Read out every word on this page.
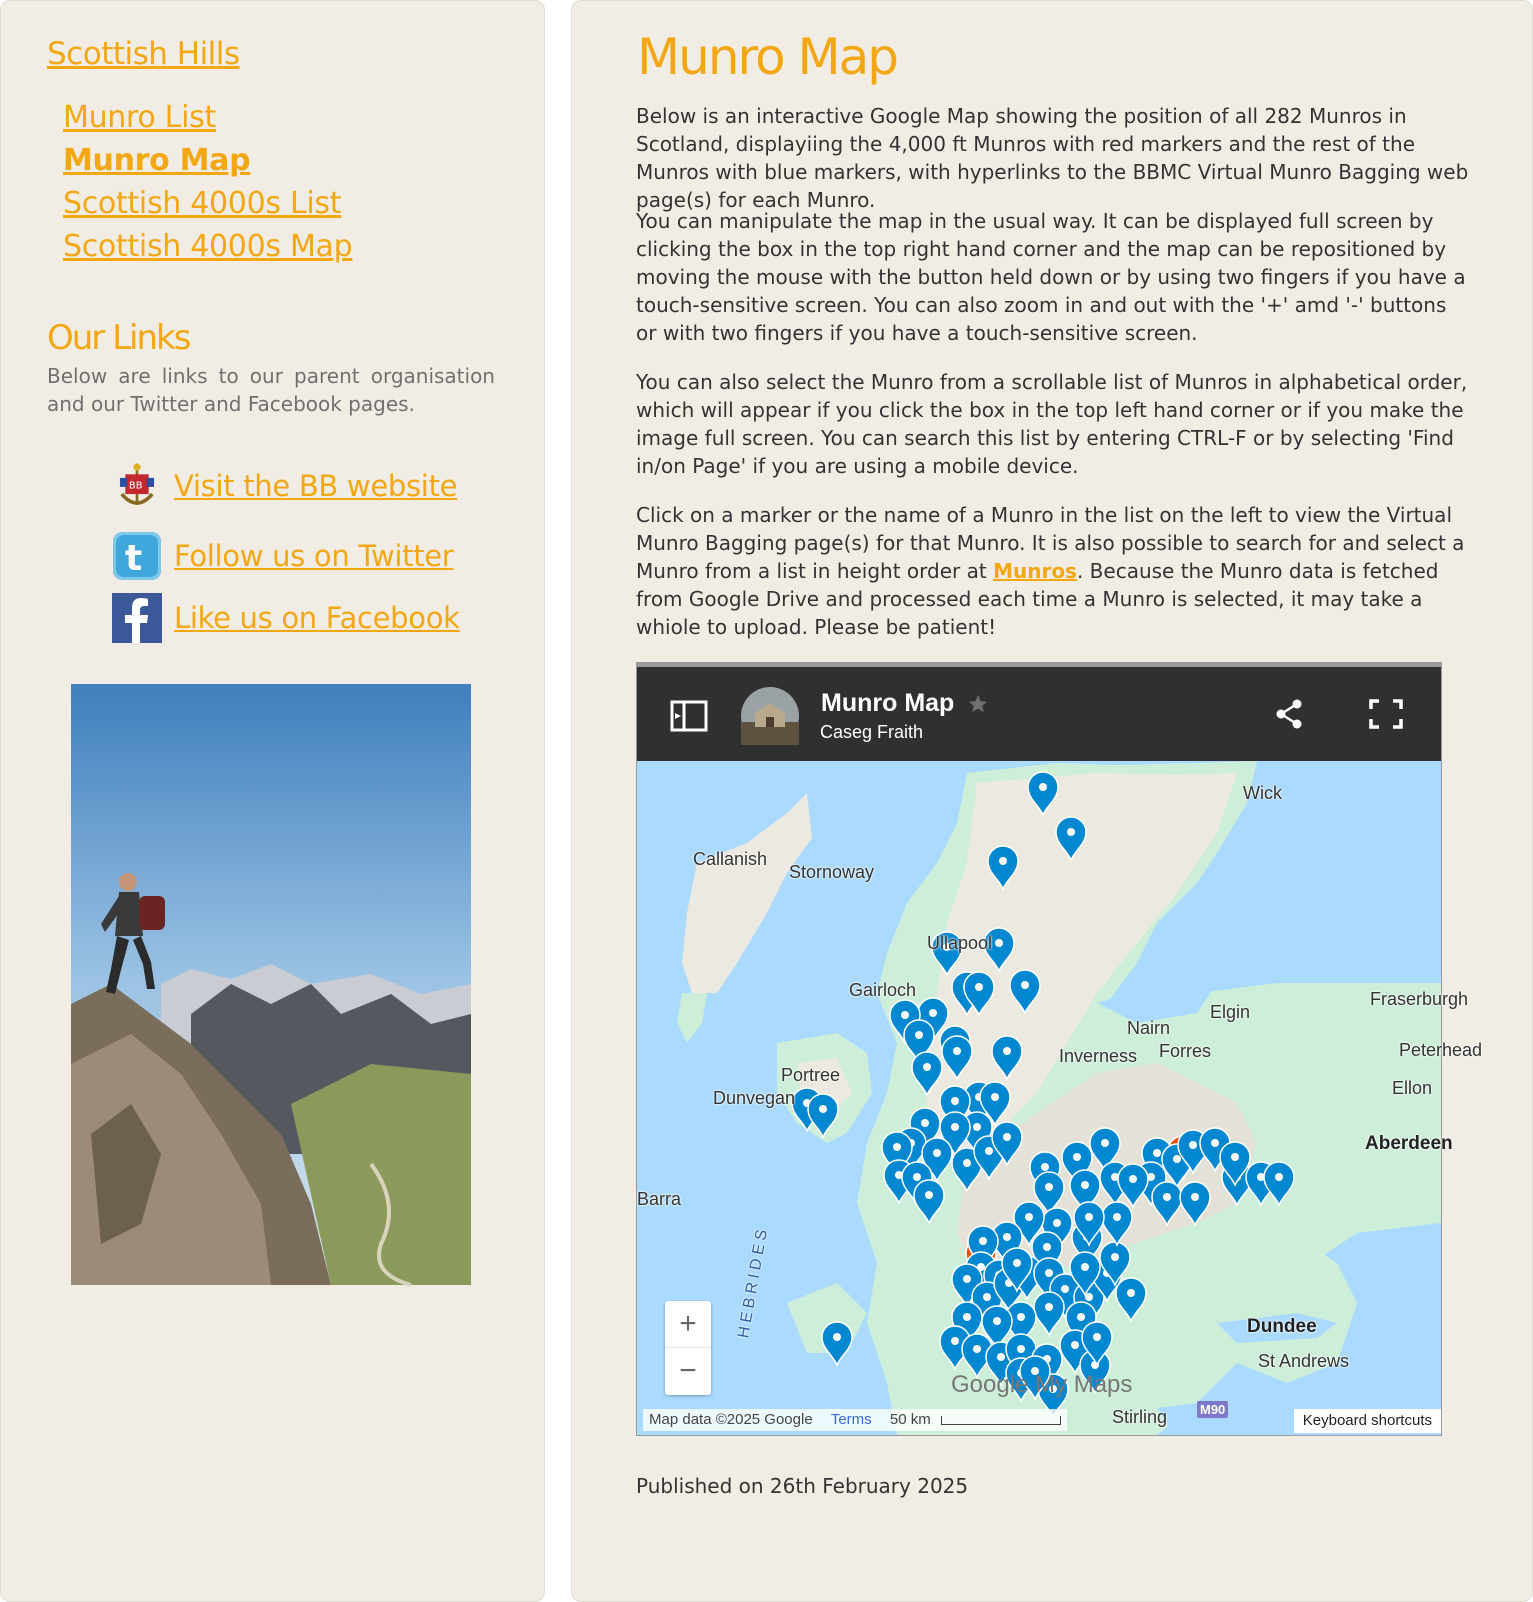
Scottish Hills
Munro List
Munro Map
Scottish 4000s List
Scottish 4000s Map
Our Links
Below are links to our parent organisation and our Twitter and Facebook pages.
BB Visit the BB website
t Follow us on Twitter
Like us on Facebook
Munro Map
Below is an interactive Google Map showing the position of all 282 Munros in Scotland, displayiing the 4,000 ft Munros with red markers and the rest of the Munros with blue markers, with hyperlinks to the BBMC Virtual Munro Bagging web page(s) for each Munro.
You can manipulate the map in the usual way. It can be displayed full screen by clicking the box in the top right hand corner and the map can be repositioned by moving the mouse with the button held down or by using two fingers if you have a touch-sensitive screen. You can also zoom in and out with the '+' amd '-' buttons or with two fingers if you have a touch-sensitive screen.
You can also select the Munro from a scrollable list of Munros in alphabetical order, which will appear if you click the box in the top left hand corner or if you make the image full screen. You can search this list by entering CTRL-F or by selecting 'Find in/on Page' if you are using a mobile device.
Click on a marker or the name of a Munro in the list on the left to view the Virtual Munro Bagging page(s) for that Munro. It is also possible to search for and select a Munro from a list in height order at Munros. Because the Munro data is fetched from Google Drive and processed each time a Munro is selected, it may take a whiole to upload. Please be patient!
Munro Map
Caseg Fraith
Wick
Callanish
Stornoway
Ullapool
Gairloch	Fraserburgh
Elgin
Nairn
Forres
Inverness	Peterhead
Portree
Dunvegan	Ellon
Aberdeen
Barra
HEBRIDES	Dundee
St Andrews
Stirling	M90
+
−	Google My Maps
Map data ©2025 Google Terms 50 km	Keyboard shortcuts
Published on 26th February 2025
